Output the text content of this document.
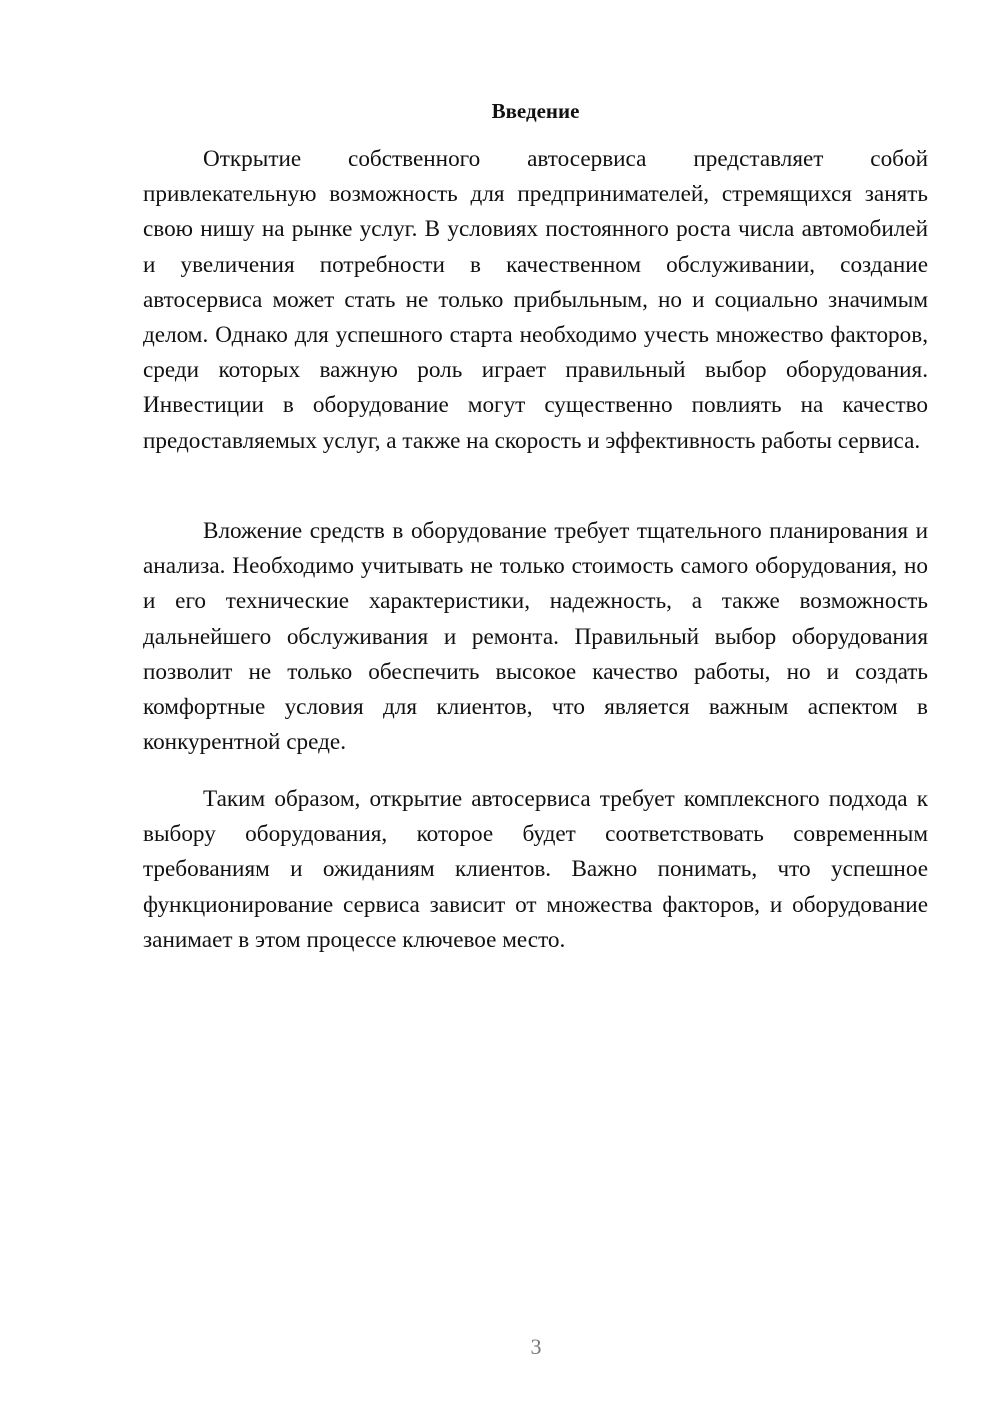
Введение

Открытие собственного автосервиса представляет собой привлекательную возможность для предпринимателей, стремящихся занять свою нишу на рынке услуг. В условиях постоянного роста числа автомобилей и увеличения потребности в качественном обслуживании, создание автосервиса может стать не только прибыльным, но и социально значимым делом. Однако для успешного старта необходимо учесть множество факторов, среди которых важную роль играет правильный выбор оборудования. Инвестиции в оборудование могут существенно повлиять на качество предоставляемых услуг, а также на скорость и эффективность работы сервиса.

Вложение средств в оборудование требует тщательного планирования и анализа. Необходимо учитывать не только стоимость самого оборудования, но и его технические характеристики, надежность, а также возможность дальнейшего обслуживания и ремонта. Правильный выбор оборудования позволит не только обеспечить высокое качество работы, но и создать комфортные условия для клиентов, что является важным аспектом в конкурентной среде.

Таким образом, открытие автосервиса требует комплексного подхода к выбору оборудования, которое будет соответствовать современным требованиям и ожиданиям клиентов. Важно понимать, что успешное функционирование сервиса зависит от множества факторов, и оборудование занимает в этом процессе ключевое место.

3
